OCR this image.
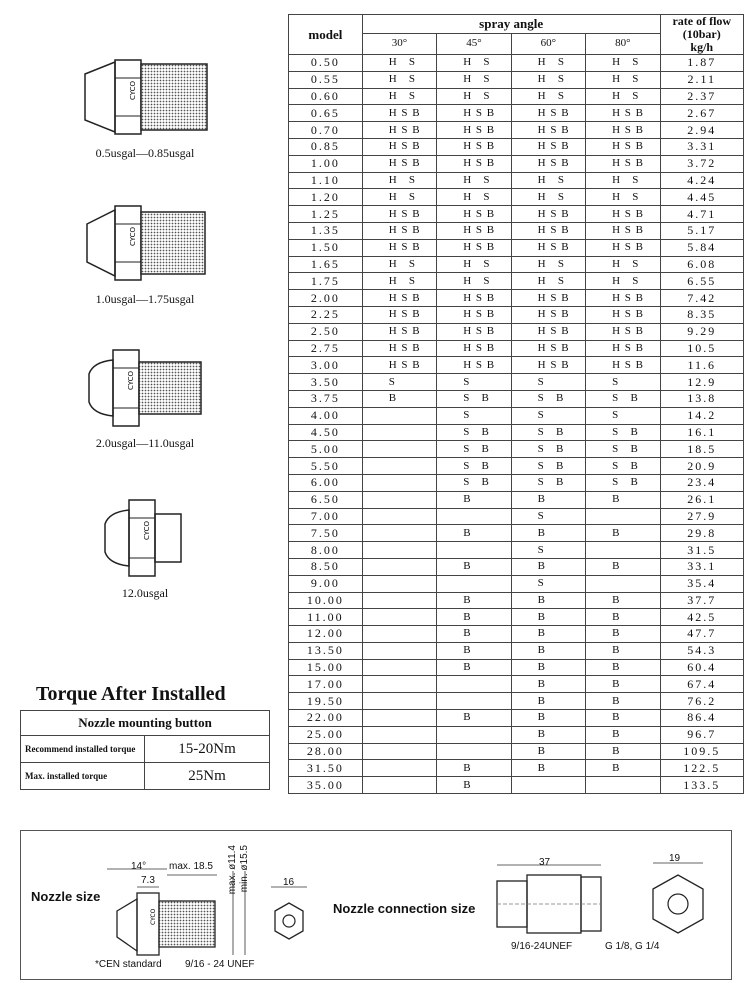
CYCO
0.5usgal—0.85usgal
CYCO
1.0usgal—1.75usgal
CYCO
2.0usgal—11.0usgal
CYCO
12.0usgal
model	spray angle				rate of flow
(10bar)
kg/h
	30°	45°	60°	80°	
0.50	H   S	H   S	H   S	H   S	1.87
0.55	H   S	H   S	H   S	H   S	2.11
0.60	H   S	H   S	H   S	H   S	2.37
0.65	H S B	H S B	H S B	H S B	2.67
0.70	H S B	H S B	H S B	H S B	2.94
0.85	H S B	H S B	H S B	H S B	3.31
1.00	H S B	H S B	H S B	H S B	3.72
1.10	H   S	H   S	H   S	H   S	4.24
1.20	H   S	H   S	H   S	H   S	4.45
1.25	H S B	H S B	H S B	H S B	4.71
1.35	H S B	H S B	H S B	H S B	5.17
1.50	H S B	H S B	H S B	H S B	5.84
1.65	H   S	H   S	H   S	H   S	6.08
1.75	H   S	H   S	H   S	H   S	6.55
2.00	H S B	H S B	H S B	H S B	7.42
2.25	H S B	H S B	H S B	H S B	8.35
2.50	H S B	H S B	H S B	H S B	9.29
2.75	H S B	H S B	H S B	H S B	10.5
3.00	H S B	H S B	H S B	H S B	11.6
3.50	S	S	S	S	12.9
3.75	B	S   B	S   B	S   B	13.8
4.00		S	S	S	14.2
4.50		S   B	S   B	S   B	16.1
5.00		S   B	S   B	S   B	18.5
5.50		S   B	S   B	S   B	20.9
6.00		S   B	S   B	S   B	23.4
6.50		B	B	B	26.1
7.00			S		27.9
7.50		B	B	B	29.8
8.00			S		31.5
8.50		B	B	B	33.1
9.00			S		35.4
10.00		B	B	B	37.7
11.00		B	B	B	42.5
12.00		B	B	B	47.7
13.50		B	B	B	54.3
15.00		B	B	B	60.4
17.00			B	B	67.4
19.50			B	B	76.2
22.00		B	B	B	86.4
25.00			B	B	96.7
28.00			B	B	109.5
31.50		B	B	B	122.5
35.00		B			133.5
Torque After Installed
Nozzle mounting button	
Recommend installed torque	15-20Nm
Max. installed torque	25Nm
Nozzle size
CYCO
14° max. 18.5
7.3	max. ø11.4 min. ø15.5	16
*CEN standard 9/16 - 24 UNEF
Nozzle connection size
37	19
9/16-24UNEF	G 1/8, G 1/4
